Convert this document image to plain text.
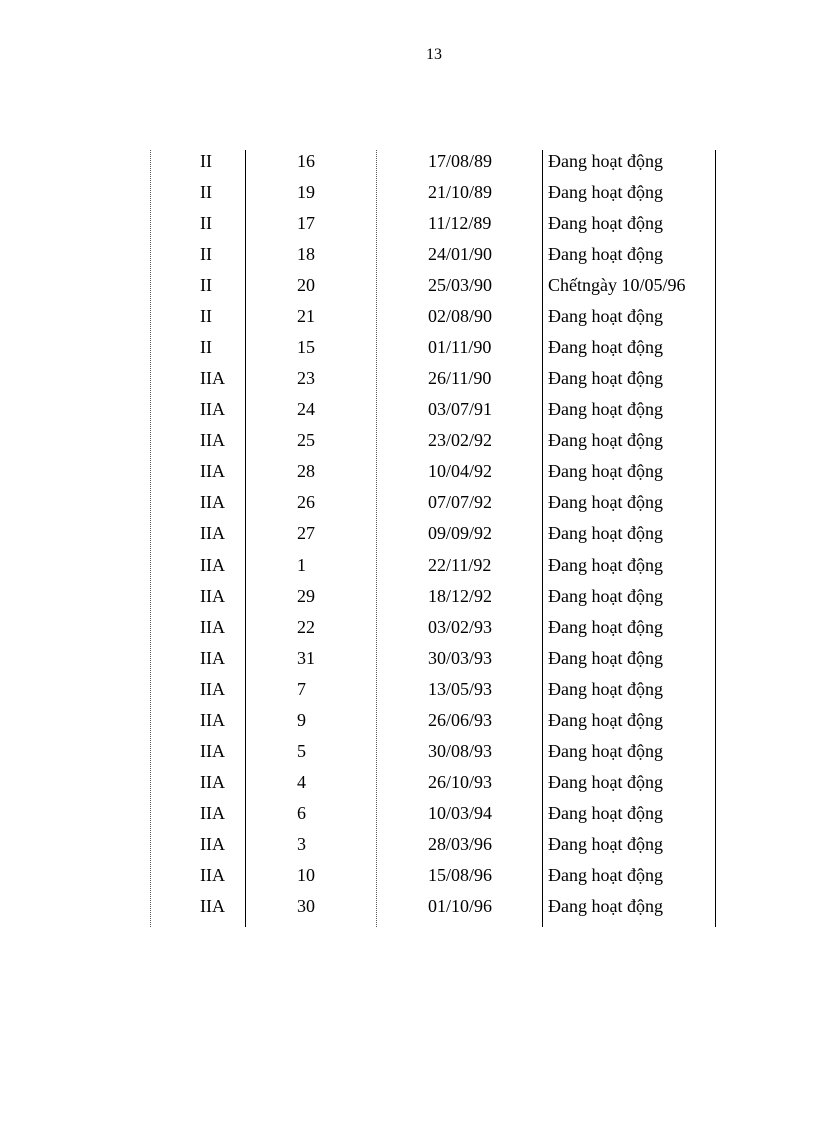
13
II	16	17/08/89	Đang hoạt động
II	19	21/10/89	Đang hoạt động
II	17	11/12/89	Đang hoạt động
II	18	24/01/90	Đang hoạt động
II	20	25/03/90	Chếtngày 10/05/96
II	21	02/08/90	Đang hoạt động
II	15	01/11/90	Đang hoạt động
IIA	23	26/11/90	Đang hoạt động
IIA	24	03/07/91	Đang hoạt động
IIA	25	23/02/92	Đang hoạt động
IIA	28	10/04/92	Đang hoạt động
IIA	26	07/07/92	Đang hoạt động
IIA	27	09/09/92	Đang hoạt động
IIA	1	22/11/92	Đang hoạt động
IIA	29	18/12/92	Đang hoạt động
IIA	22	03/02/93	Đang hoạt động
IIA	31	30/03/93	Đang hoạt động
IIA	7	13/05/93	Đang hoạt động
IIA	9	26/06/93	Đang hoạt động
IIA	5	30/08/93	Đang hoạt động
IIA	4	26/10/93	Đang hoạt động
IIA	6	10/03/94	Đang hoạt động
IIA	3	28/03/96	Đang hoạt động
IIA	10	15/08/96	Đang hoạt động
IIA	30	01/10/96	Đang hoạt động
